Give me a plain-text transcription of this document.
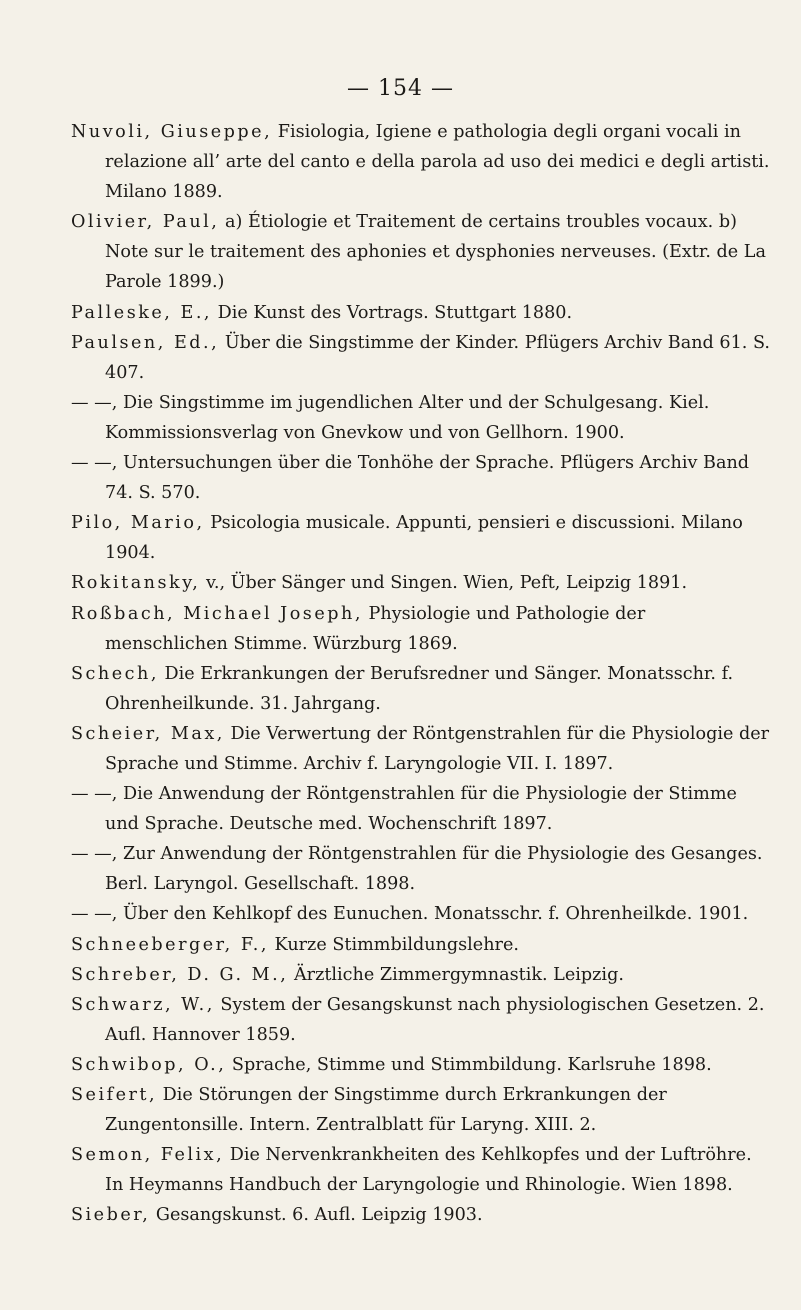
— 154 —

Nuvoli, Giuseppe, Fisiologia, Igiene e pathologia degli organi vocali in relazione all’ arte del canto e della parola ad uso dei medici e degli artisti. Milano 1889.

Olivier, Paul, a) Étiologie et Traitement de certains troubles vocaux. b) Note sur le traitement des aphonies et dysphonies nerveuses. (Extr. de La Parole 1899.)

Palleske, E., Die Kunst des Vortrags. Stuttgart 1880.

Paulsen, Ed., Über die Singstimme der Kinder. Pflügers Archiv Band 61. S. 407.

— —, Die Singstimme im jugendlichen Alter und der Schulgesang. Kiel. Kommissionsverlag von Gnevkow und von Gellhorn. 1900.

— —, Untersuchungen über die Tonhöhe der Sprache. Pflügers Archiv Band 74. S. 570.

Pilo, Mario, Psicologia musicale. Appunti, pensieri e discussioni. Milano 1904.

Rokitansky, v., Über Sänger und Singen. Wien, Peft, Leipzig 1891.

Roßbach, Michael Joseph, Physiologie und Pathologie der menschlichen Stimme. Würzburg 1869.

Schech, Die Erkrankungen der Berufsredner und Sänger. Monatsschr. f. Ohrenheilkunde. 31. Jahrgang.

Scheier, Max, Die Verwertung der Röntgenstrahlen für die Physiologie der Sprache und Stimme. Archiv f. Laryngologie VII. I. 1897.

— —, Die Anwendung der Röntgenstrahlen für die Physiologie der Stimme und Sprache. Deutsche med. Wochenschrift 1897.

— —, Zur Anwendung der Röntgenstrahlen für die Physiologie des Gesanges. Berl. Laryngol. Gesellschaft. 1898.

— —, Über den Kehlkopf des Eunuchen. Monatsschr. f. Ohrenheilkde. 1901.

Schneeberger, F., Kurze Stimmbildungslehre.

Schreber, D. G. M., Ärztliche Zimmergymnastik. Leipzig.

Schwarz, W., System der Gesangskunst nach physiologischen Gesetzen. 2. Aufl. Hannover 1859.

Schwibop, O., Sprache, Stimme und Stimmbildung. Karlsruhe 1898.

Seifert, Die Störungen der Singstimme durch Erkrankungen der Zungentonsille. Intern. Zentralblatt für Laryng. XIII. 2.

Semon, Felix, Die Nervenkrankheiten des Kehlkopfes und der Luftröhre. In Heymanns Handbuch der Laryngologie und Rhinologie. Wien 1898.

Sieber, Gesangskunst. 6. Aufl. Leipzig 1903.
